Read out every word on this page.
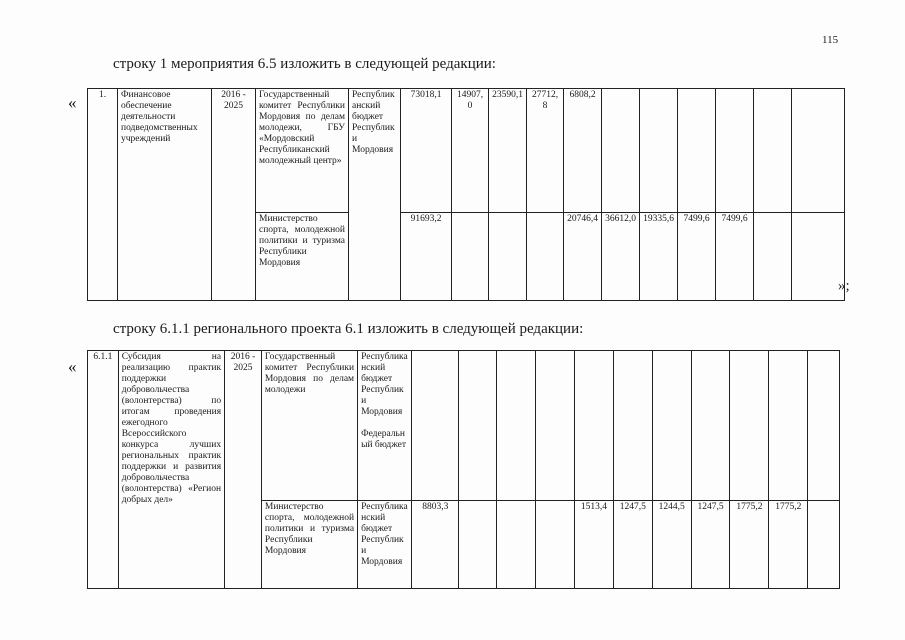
115
строку 1 мероприятия 6.5 изложить в следующей редакции:
« 1.	Финансовое обеспечение деятельности подведомственных учреждений	2016 - 2025	Государственный комитет Республики Мордовия по делам молодежи, ГБУ «Мордовский Республиканский молодежный центр»	Республиканский бюджет Республики Мордовия	73018,1	14907,0	23590,1	27712,8	6808,2						
			Министерство спорта, молодежной политики и туризма Республики Мордовия		91693,2				20746,4	36612,0	19335,6	7499,6	7499,6		
»;
строку 6.1.1 регионального проекта 6.1 изложить в следующей редакции:
« 6.1.1	Субсидия на реализацию практик поддержки добровольчества (волонтерства) по итогам проведения ежегодного Всероссийского конкурса лучших региональных практик поддержки и развития добровольчества (волонтерства) «Регион добрых дел»	2016 - 2025	Государственный комитет Республики Мордовия по делам молодежи	Республиканский бюджет Республики Мордовия
Федеральный бюджет											

			Министерство спорта, молодежной политики и туризма Республики Мордовия	Республиканский бюджет Республики Мордовия	8803,3				1513,4	1247,5	1244,5	1247,5	1775,2	1775,2	
